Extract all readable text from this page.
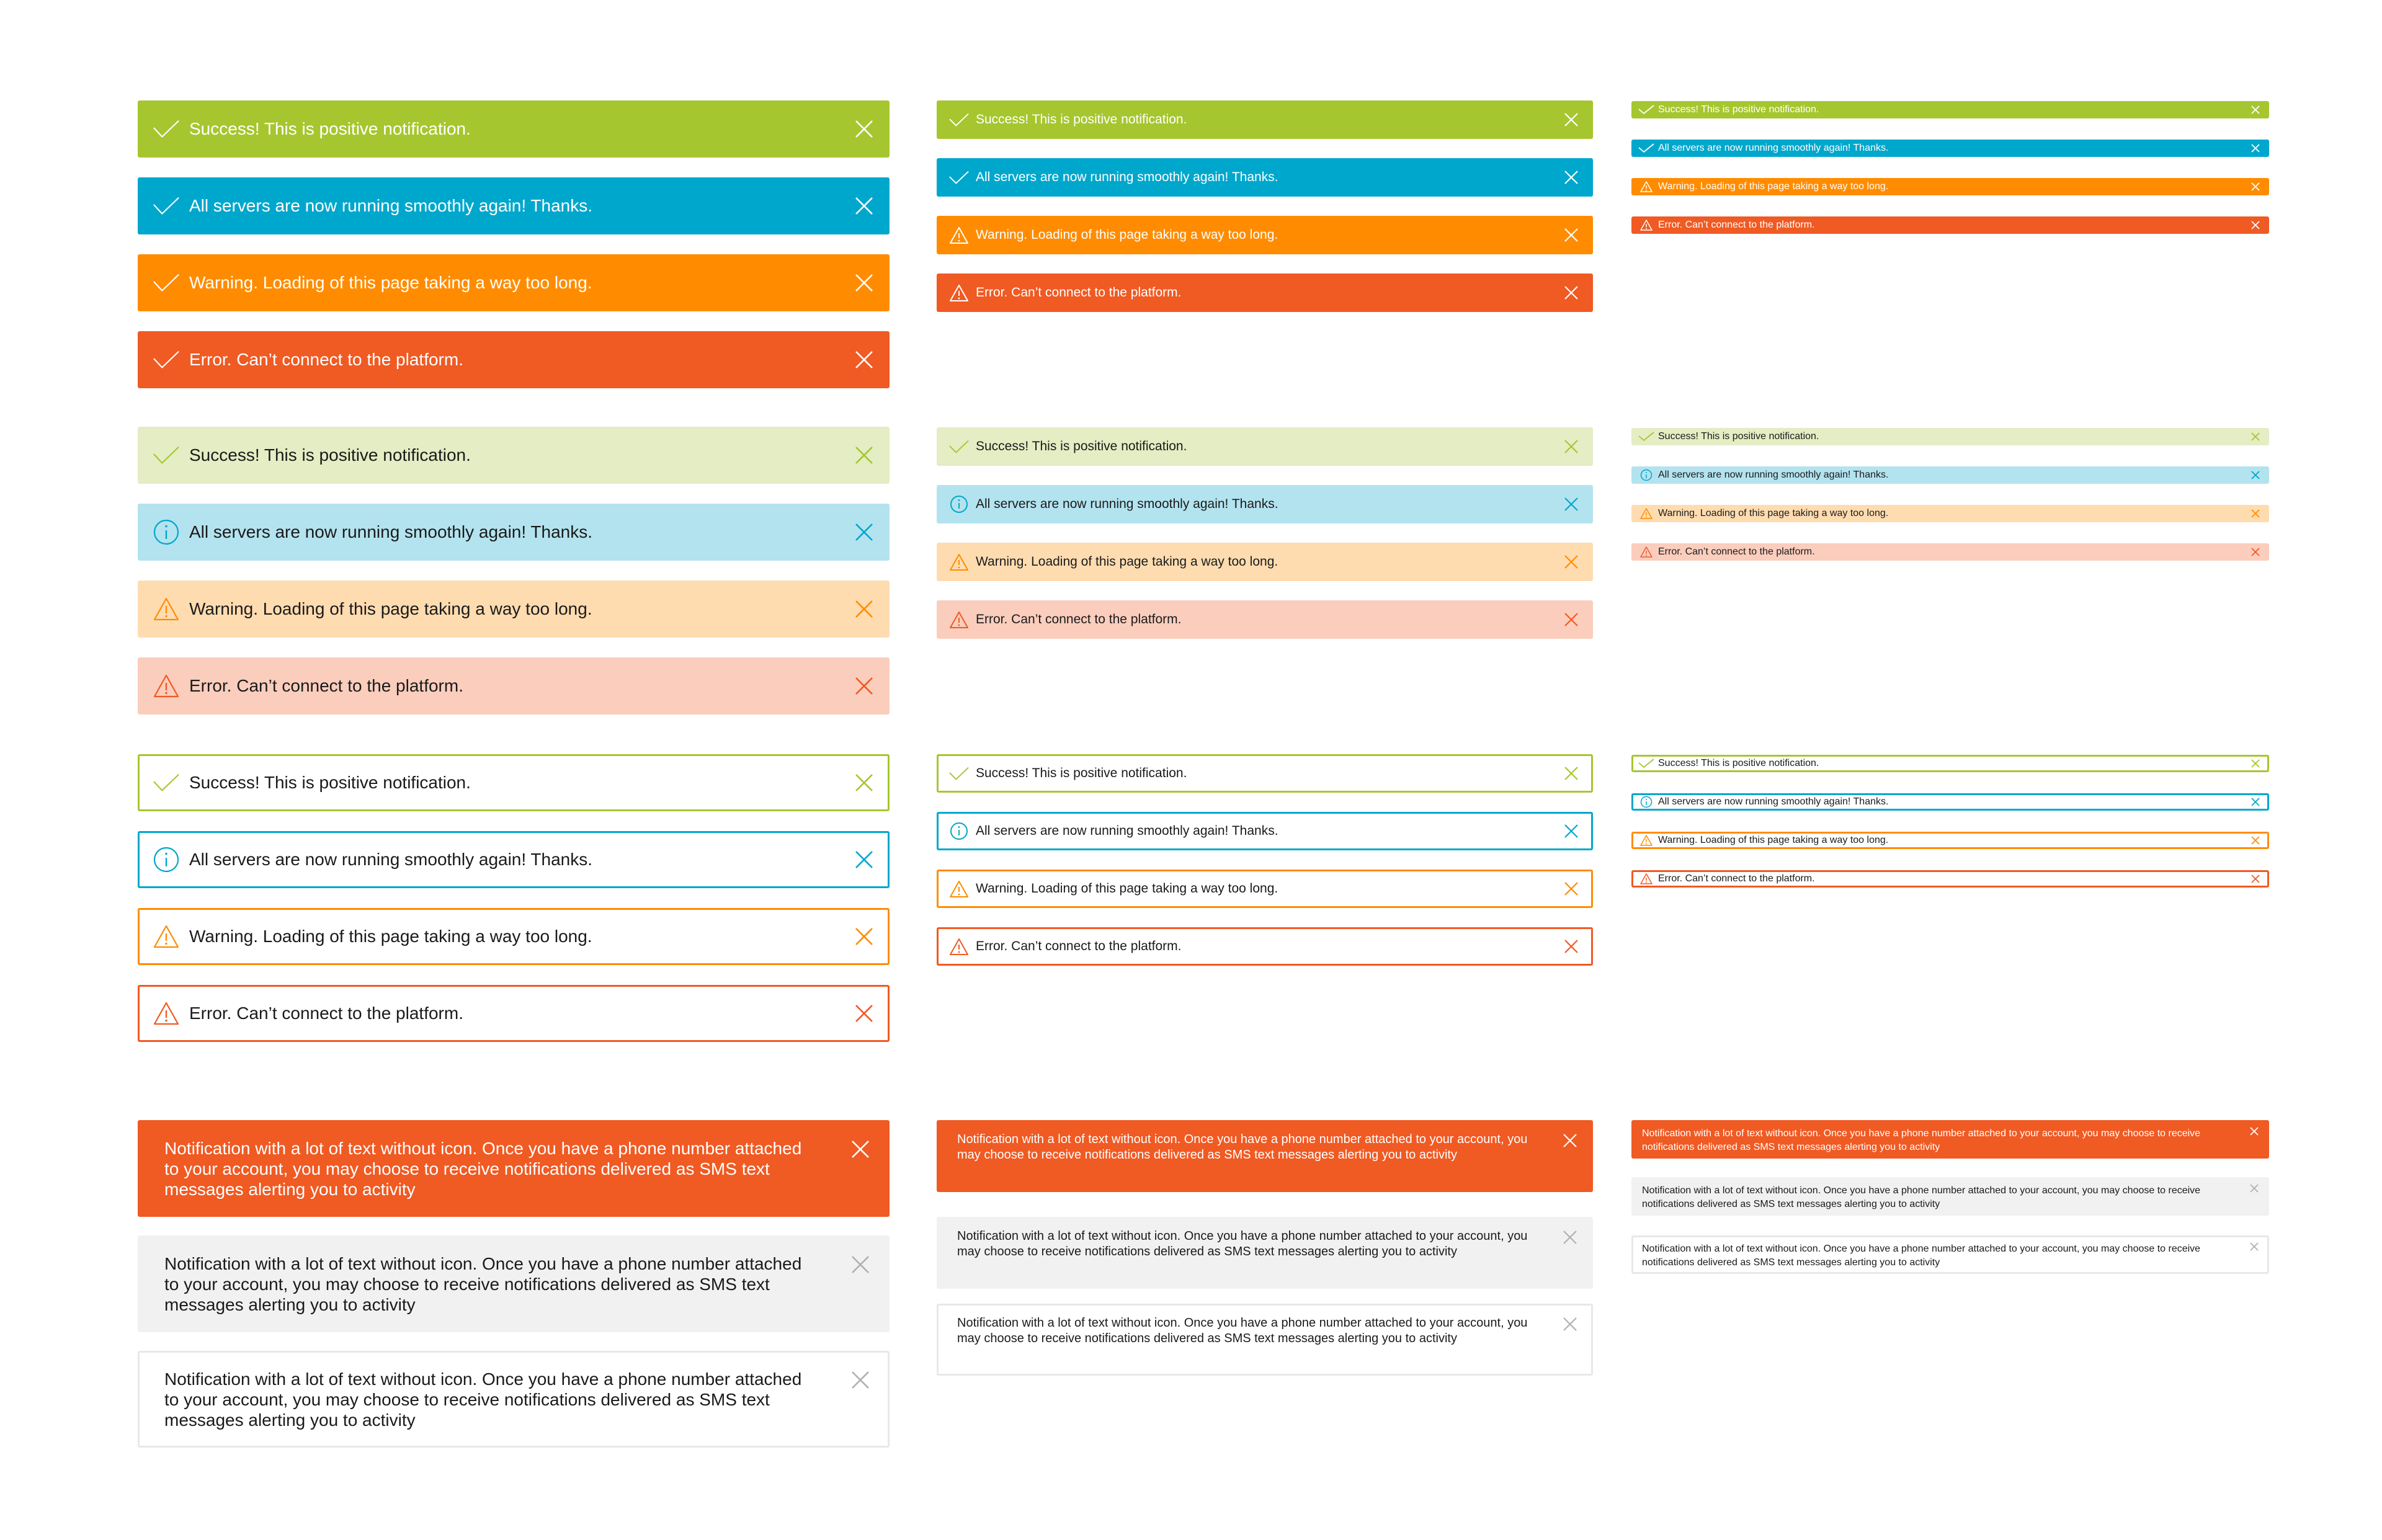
Success! This is positive notification.
All servers are now running smoothly again! Thanks.
Warning. Loading of this page taking a way too long.
Error. Can’t connect to the platform.
Success! This is positive notification.
All servers are now running smoothly again! Thanks.
Warning. Loading of this page taking a way too long.
Error. Can’t connect to the platform.
Success! This is positive notification.
All servers are now running smoothly again! Thanks.
Warning. Loading of this page taking a way too long.
Error. Can’t connect to the platform.
Notification with a lot of text without icon. Once you have a phone number attached to your account, you may choose to receive notifications delivered as SMS text messages alerting you to activity
Notification with a lot of text without icon. Once you have a phone number attached to your account, you may choose to receive notifications delivered as SMS text messages alerting you to activity
Notification with a lot of text without icon. Once you have a phone number attached to your account, you may choose to receive notifications delivered as SMS text messages alerting you to activity
Success! This is positive notification.
All servers are now running smoothly again! Thanks.
Warning. Loading of this page taking a way too long.
Error. Can’t connect to the platform.
Success! This is positive notification.
All servers are now running smoothly again! Thanks.
Warning. Loading of this page taking a way too long.
Error. Can’t connect to the platform.
Success! This is positive notification.
All servers are now running smoothly again! Thanks.
Warning. Loading of this page taking a way too long.
Error. Can’t connect to the platform.
Notification with a lot of text without icon. Once you have a phone number attached to your account, you may choose to receive notifications delivered as SMS text messages alerting you to activity
Notification with a lot of text without icon. Once you have a phone number attached to your account, you may choose to receive notifications delivered as SMS text messages alerting you to activity
Notification with a lot of text without icon. Once you have a phone number attached to your account, you may choose to receive notifications delivered as SMS text messages alerting you to activity
Success! This is positive notification.
All servers are now running smoothly again! Thanks.
Warning. Loading of this page taking a way too long.
Error. Can’t connect to the platform.
Success! This is positive notification.
All servers are now running smoothly again! Thanks.
Warning. Loading of this page taking a way too long.
Error. Can’t connect to the platform.
Success! This is positive notification.
All servers are now running smoothly again! Thanks.
Warning. Loading of this page taking a way too long.
Error. Can’t connect to the platform.
Notification with a lot of text without icon. Once you have a phone number attached to your account, you may choose to receive notifications delivered as SMS text messages alerting you to activity
Notification with a lot of text without icon. Once you have a phone number attached to your account, you may choose to receive notifications delivered as SMS text messages alerting you to activity
Notification with a lot of text without icon. Once you have a phone number attached to your account, you may choose to receive notifications delivered as SMS text messages alerting you to activity
